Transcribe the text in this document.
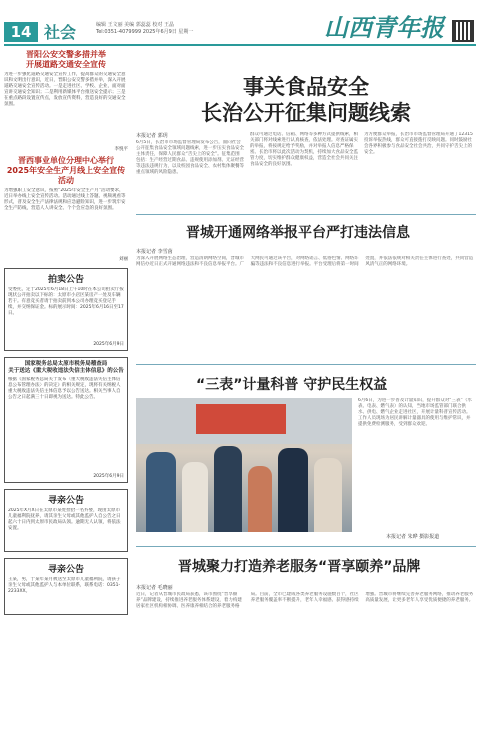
14 社会	编辑 王文丽 美编 郭蕊蕊 校对 王晶
Tel:0351-4079999 2025年6月9日 星期一	山西青年报
晋阳公安交警多措并举
开展道路交通安全宣传
为进一步强化道路交通安全宣传工作，提高群众的交通安全意识和文明出行意识，近日，晋阳公安交警多措并举，深入开展道路交通安全宣传活动。一是走进社区、学校、企业，面对面宣讲交通安全知识；二是利用新媒体平台推送安全提示；三是在重点路段设置宣传点，发放宣传资料，营造良好的交通安全氛围。
李悦平
晋西事业单位分理中心举行
2025年安全生产月线上安全宣传活动
为增强职工安全意识，按照“2025年安全生产月”活动要求，近日举办线上安全宣传活动。活动通过线上答题、视频观看等形式，普及安全生产法律法规和应急避险知识，进一步筑牢安全生产防线，营造人人讲安全、个个会应急的良好氛围。
刘丽
拍卖公告
受委托，定于2025年6月18日上午10时在本公司拍卖厅按现状公开拍卖以下标的：太原市小店区某房产一处及车辆若干。有意竞买者请于拍卖前到本公司办理竞买登记手续，并交纳保证金。标的展示时间：2025年6月16日至17日。
2025年6月9日
国家税务总局太原市税务局稽查局
关于送达《重大税收违法失信主体信息》的公告
根据《国家税务总局关于发布〈重大税收违法失信主体信息公布管理办法〉的决定》的相关规定，现将有关纳税人重大税收违法失信主体信息予以公告送达。相关当事人自公告之日起满三十日即视为送达。特此公告。
2025年6月9日
寻亲公告
2025年X月X日在太原市某处捡拾一名弃婴，现由太原市儿童福利院抚养，请其亲生父母或其他监护人自公告之日起六十日内到太原市民政局认领。逾期无人认领，将依法安置。
寻亲公告
王某，男，于某年某月被送至太原市儿童福利院，请孩子亲生父母或其他监护人与本单位联系，联系电话：0351-2233XX。
事关食品安全
长治公开征集问题线索
本报记者 郭玥
6月5日，长治市市场监督管理局发布公告，面向社会公开征集食品安全领域问题线索，进一步压实食品安全主体责任，保障人民群众“舌尖上的安全”。征集范围包括：生产经营过期食品、违规使用添加剂、无证经营等违法违规行为，以及校园食品安全、农村集体聚餐等重点领域的风险隐患。
群众可通过电话、信箱、网络等多种方式提供线索，相关部门将对线索进行认真核查，依法处理。对查证属实的举报，将按规定给予奖励，并对举报人信息严格保密。长治市将以此次活动为契机，持续加大食品安全监管力度，切实维护群众健康权益，营造全社会共同关注食品安全的良好氛围。
为方便群众举报，长治市市场监督管理局开通了12315投诉举报热线，群众可直接拨打反映问题。同时鼓励社会各界积极参与食品安全社会共治，共同守护舌尖上的安全。
晋城开通网络举报平台严打违法信息
本报记者 李雪茵
为深入开展网络生态治理，营造清朗网络空间，晋城市网信办近日正式开通网络违法和不良信息举报平台。广大网民可通过该平台，对网络谣言、低俗色情、网络诈骗等违法和不良信息进行举报。平台受理后将第一时间处置，并依法依规对相关责任主体进行查处，共同营造风清气正的网络环境。
“三表”计量科普 守护民生权益
6月6日，为进一步普及计量知识，提升群众对“三表”（水表、电表、燃气表）的认知，当地市场监管部门联合供水、供电、燃气企业走进社区，开展计量科普宣传活动。工作人员现场为居民讲解计量器具的使用与维护常识，并提供免费检测服务，受到群众欢迎。
本报记者 朱晔 摄影报道
晋城聚力打造养老服务“晋享颐养”品牌
本报记者 毛晓丽
近日，记者从晋城市民政局获悉，该市围绕“晋享颐养”品牌建设，持续推进养老服务体系建设，着力构建居家社区机构相协调、医养康养相结合的养老服务格局。目前，全市已建成各类养老服务设施数百个，社区养老服务覆盖率不断提升，老年人幸福感、获得感持续增强。晋城市将继续完善养老服务网络，推动养老服务高质量发展，让更多老年人享受优质便捷的养老服务。
